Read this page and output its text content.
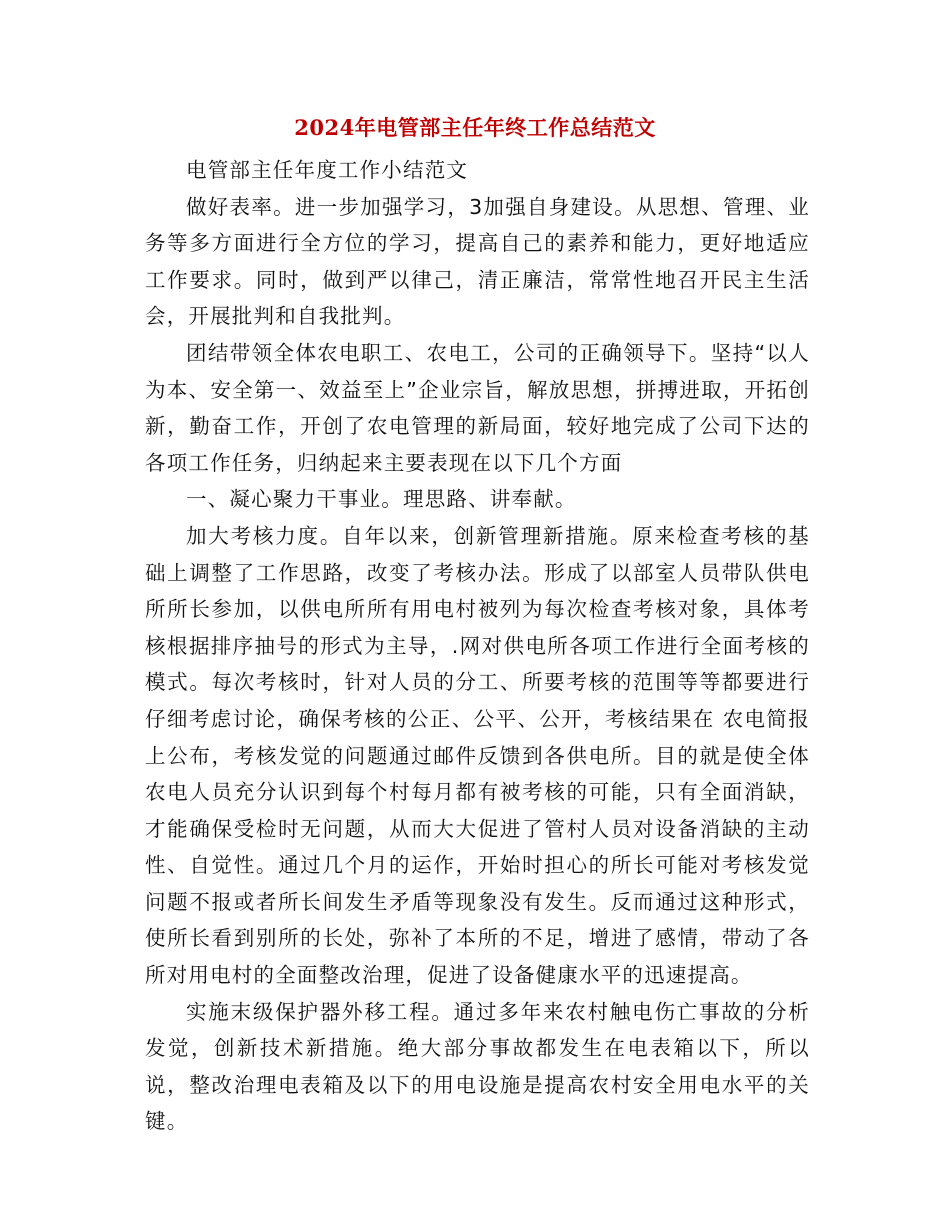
2024年电管部主任年终工作总结范文

电管部主任年度工作小结范文

做好表率。进一步加强学习，3加强自身建设。从思想、管理、业务等多方面进行全方位的学习，提高自己的素养和能力，更好地适应工作要求。同时，做到严以律己，清正廉洁，常常性地召开民主生活会，开展批判和自我批判。

团结带领全体农电职工、农电工，公司的正确领导下。坚持“以人为本、安全第一、效益至上”企业宗旨，解放思想，拼搏进取，开拓创新，勤奋工作，开创了农电管理的新局面，较好地完成了公司下达的各项工作任务，归纳起来主要表现在以下几个方面

一、凝心聚力干事业。理思路、讲奉献。

加大考核力度。自年以来，创新管理新措施。原来检查考核的基础上调整了工作思路，改变了考核办法。形成了以部室人员带队供电所所长参加，以供电所所有用电村被列为每次检查考核对象，具体考核根据排序抽号的形式为主导，.网对供电所各项工作进行全面考核的模式。每次考核时，针对人员的分工、所要考核的范围等等都要进行仔细考虑讨论，确保考核的公正、公平、公开，考核结果在 农电简报上公布，考核发觉的问题通过邮件反馈到各供电所。目的就是使全体农电人员充分认识到每个村每月都有被考核的可能，只有全面消缺，才能确保受检时无问题，从而大大促进了管村人员对设备消缺的主动性、自觉性。通过几个月的运作，开始时担心的所长可能对考核发觉问题不报或者所长间发生矛盾等现象没有发生。反而通过这种形式，使所长看到别所的长处，弥补了本所的不足，增进了感情，带动了各所对用电村的全面整改治理，促进了设备健康水平的迅速提高。

实施末级保护器外移工程。通过多年来农村触电伤亡事故的分析发觉，创新技术新措施。绝大部分事故都发生在电表箱以下，所以说，整改治理电表箱及以下的用电设施是提高农村安全用电水平的关键。
